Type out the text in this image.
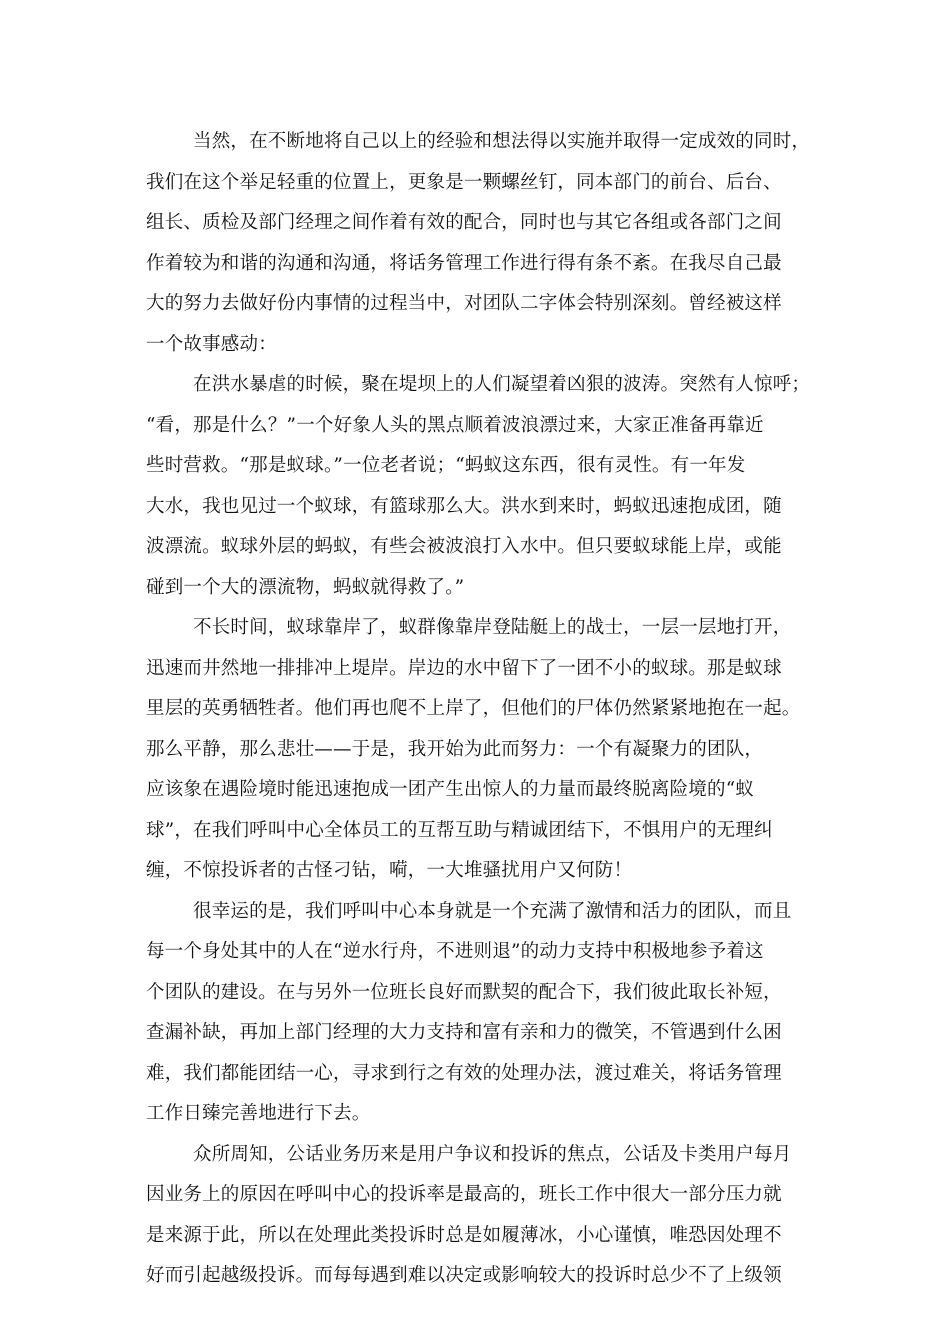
当然，在不断地将自己以上的经验和想法得以实施并取得一定成效的同时，
我们在这个举足轻重的位置上，更象是一颗螺丝钉，同本部门的前台、后台、
组长、质检及部门经理之间作着有效的配合，同时也与其它各组或各部门之间
作着较为和谐的沟通和沟通，将话务管理工作进行得有条不紊。在我尽自己最
大的努力去做好份内事情的过程当中，对团队二字体会特别深刻。曾经被这样
一个故事感动：
在洪水暴虐的时候，聚在堤坝上的人们凝望着凶狠的波涛。突然有人惊呼；
“看，那是什么？”一个好象人头的黑点顺着波浪漂过来，大家正准备再靠近
些时营救。“那是蚁球。”一位老者说；“蚂蚁这东西，很有灵性。有一年发
大水，我也见过一个蚁球，有篮球那么大。洪水到来时，蚂蚁迅速抱成团，随
波漂流。蚁球外层的蚂蚁，有些会被波浪打入水中。但只要蚁球能上岸，或能
碰到一个大的漂流物，蚂蚁就得救了。”
不长时间，蚁球靠岸了，蚁群像靠岸登陆艇上的战士，一层一层地打开，
迅速而井然地一排排冲上堤岸。岸边的水中留下了一团不小的蚁球。那是蚁球
里层的英勇牺牲者。他们再也爬不上岸了，但他们的尸体仍然紧紧地抱在一起。
那么平静，那么悲壮——于是，我开始为此而努力：一个有凝聚力的团队，
应该象在遇险境时能迅速抱成一团产生出惊人的力量而最终脱离险境的“蚁
球”，在我们呼叫中心全体员工的互帮互助与精诚团结下，不惧用户的无理纠
缠，不惊投诉者的古怪刁钻，嗬，一大堆骚扰用户又何防！
很幸运的是，我们呼叫中心本身就是一个充满了激情和活力的团队，而且
每一个身处其中的人在“逆水行舟，不进则退”的动力支持中积极地参予着这
个团队的建设。在与另外一位班长良好而默契的配合下，我们彼此取长补短，
查漏补缺，再加上部门经理的大力支持和富有亲和力的微笑，不管遇到什么困
难，我们都能团结一心，寻求到行之有效的处理办法，渡过难关，将话务管理
工作日臻完善地进行下去。
众所周知，公话业务历来是用户争议和投诉的焦点，公话及卡类用户每月
因业务上的原因在呼叫中心的投诉率是最高的，班长工作中很大一部分压力就
是来源于此，所以在处理此类投诉时总是如履薄冰，小心谨慎，唯恐因处理不
好而引起越级投诉。而每每遇到难以决定或影响较大的投诉时总少不了上级领
